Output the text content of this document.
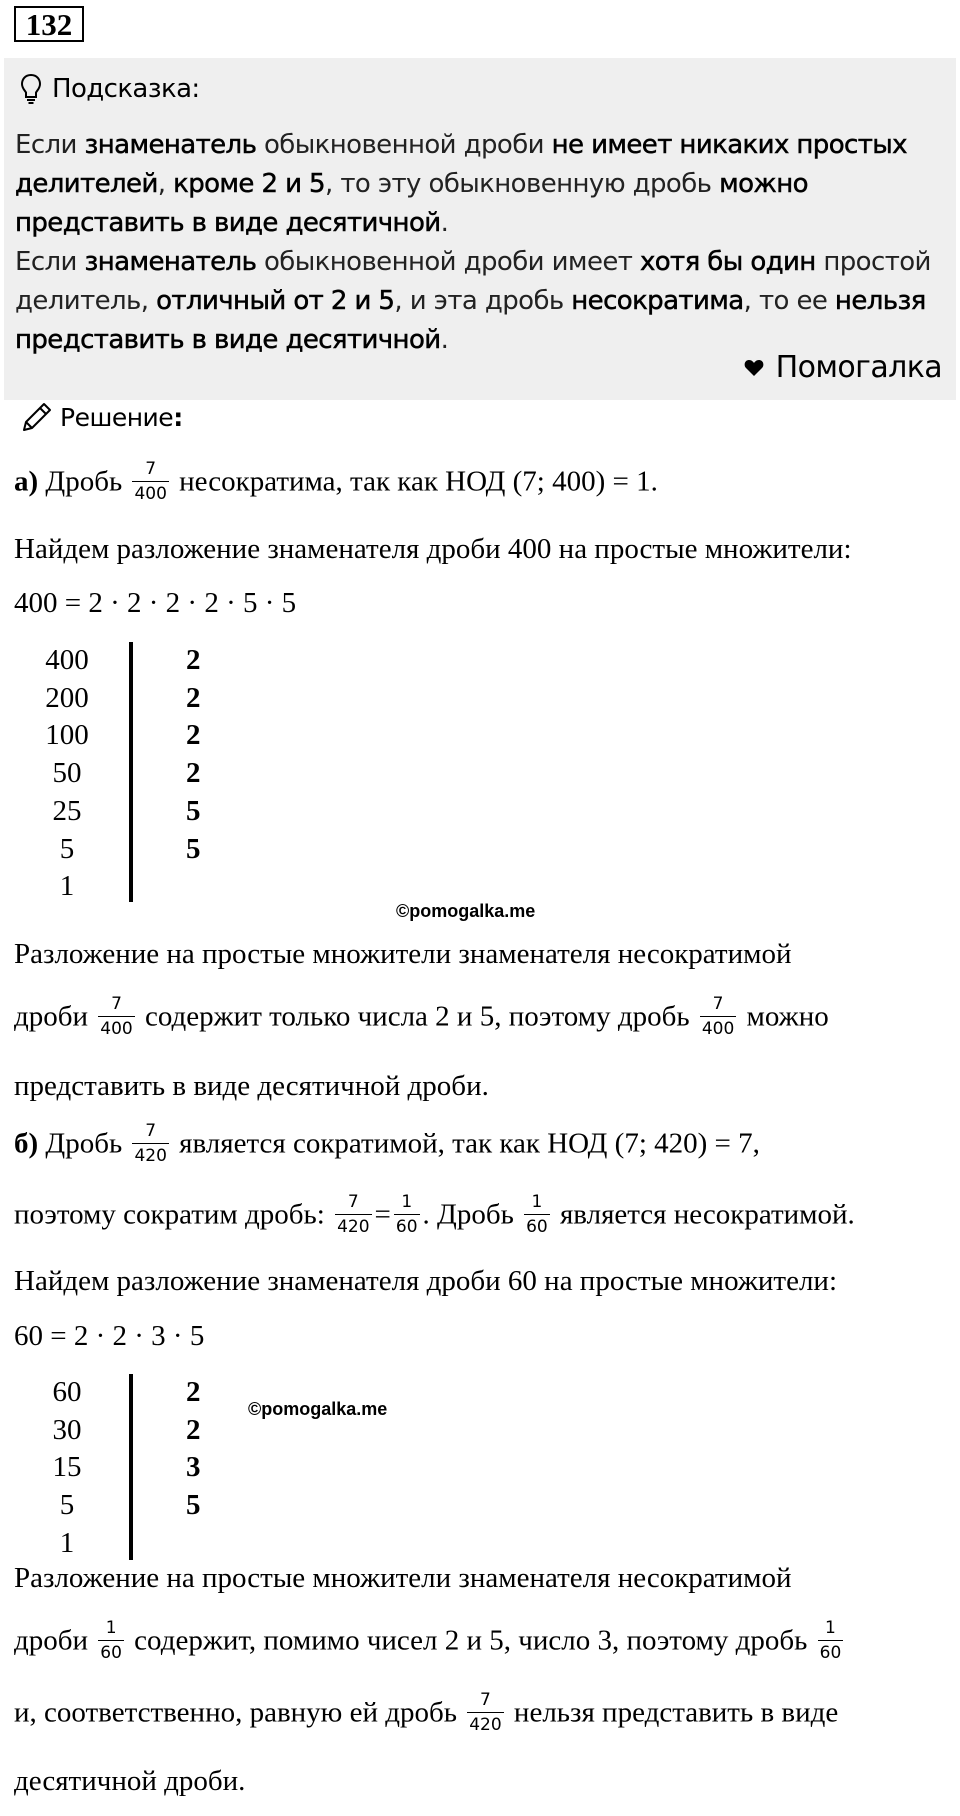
132
Подсказка:
Если знаменатель обыкновенной дроби не имеет никаких простых делителей, кроме 2 и 5, то эту обыкновенную дробь можно представить в виде десятичной.
Если знаменатель обыкновенной дроби имеет хотя бы один простой делитель, отличный от 2 и 5, и эта дробь несократима, то ее нельзя представить в виде десятичной.
Помогалка
Решение :
а) Дробь $\frac{7}{400}$ несократима, так как НОД (7; 400) = 1.
Найдем разложение знаменателя дроби 400 на простые множители:
400 = 2 · 2 · 2 · 2 · 5 · 5
400
200
100
50
25
5
1
2
2
2
2
5
5

©pomogalka.me
Разложение на простые множители знаменателя несократимой
дроби $\frac{7}{400}$ содержит только числа 2 и 5, поэтому дробь $\frac{7}{400}$ можно
представить в виде десятичной дроби.
б) Дробь $\frac{7}{420}$ является сократимой, так как НОД (7; 420) = 7,
поэтому сократим дробь: $\frac{7}{420} = \frac{1}{60}$ . Дробь $\frac{1}{60}$ является несократимой.
Найдем разложение знаменателя дроби 60 на простые множители:
60 = 2 · 2 · 3 · 5
60
30
15
5
1
2
2
3
5

©pomogalka.me
Разложение на простые множители знаменателя несократимой
дроби $\frac{1}{60}$ содержит, помимо чисел 2 и 5, число 3, поэтому дробь $\frac{1}{60}$
и, соответственно, равную ей дробь $\frac{7}{420}$ нельзя представить в виде
десятичной дроби.
